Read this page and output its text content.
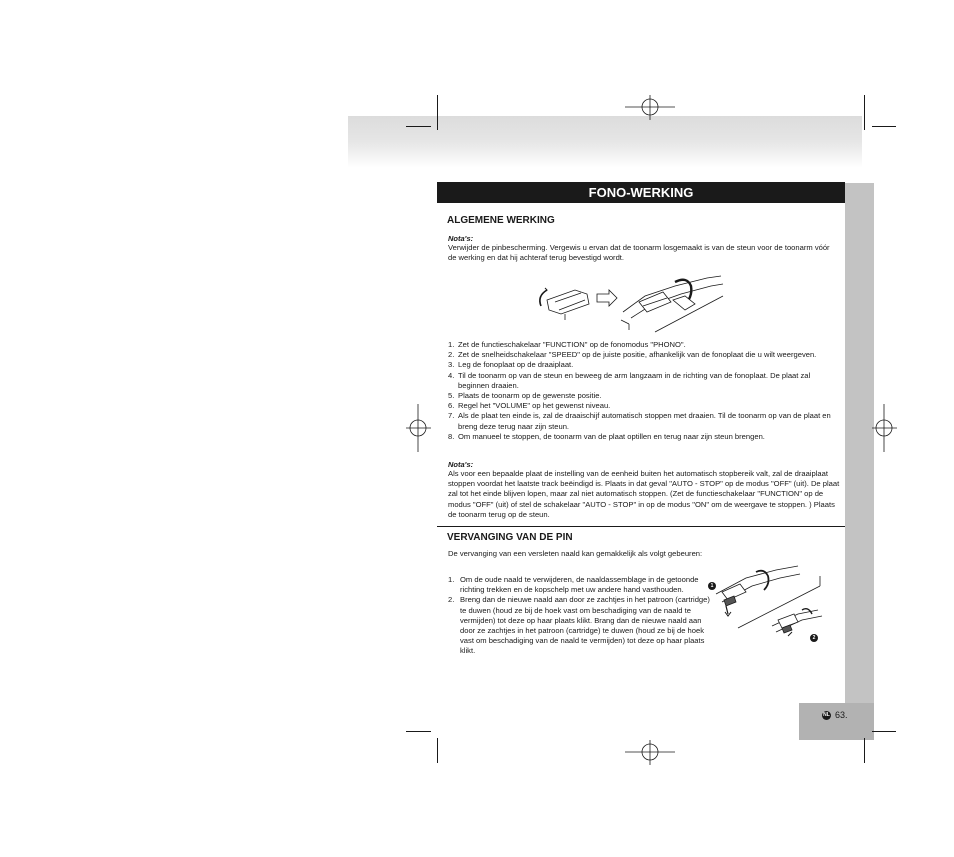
FONO-WERKING
ALGEMENE WERKING
Nota's:
Verwijder de pinbescherming. Vergewis u ervan dat de toonarm losgemaakt is van de steun voor de toonarm vóór de werking en dat hij achteraf terug bevestigd wordt.
1. Zet de functieschakelaar "FUNCTION" op de fonomodus "PHONO".
2. Zet de snelheidschakelaar "SPEED" op de juiste positie, afhankelijk van de fonoplaat die u wilt weergeven.
3. Leg de fonoplaat op de draaiplaat.
4. Til de toonarm op van de steun en beweeg de arm langzaam in de richting van de fonoplaat. De plaat zal beginnen draaien.
5. Plaats de toonarm op de gewenste positie.
6. Regel het "VOLUME" op het gewenst niveau.
7. Als de plaat ten einde is, zal de draaischijf automatisch stoppen met draaien. Til de toonarm op van de plaat en breng deze terug naar zijn steun.
8. Om manueel te stoppen, de toonarm van de plaat optillen en terug naar zijn steun brengen.
Nota's:
Als voor een bepaalde plaat de instelling van de eenheid buiten het automatisch stopbereik valt, zal de draaiplaat stoppen voordat het laatste track beëindigd is. Plaats in dat geval "AUTO - STOP" op de modus "OFF" (uit). De plaat zal tot het einde blijven lopen, maar zal niet automatisch stoppen. (Zet de functieschakelaar "FUNCTION" op de modus "OFF" (uit) of stel de schakelaar "AUTO - STOP" in op de modus "ON" om de weergave te stoppen. ) Plaats de toonarm terug op de steun.
VERVANGING VAN DE PIN
De vervanging van een versleten naald kan gemakkelijk als volgt gebeuren:
1. Om de oude naald te verwijderen, de naaldassemblage in de getoonde richting trekken en de kopschelp met uw andere hand vasthouden.
2. Breng dan de nieuwe naald aan door ze zachtjes in het patroon (cartridge) te duwen (houd ze bij de hoek vast om beschadiging van de naald te vermijden) tot deze op haar plaats klikt. Brang dan de nieuwe naald aan door ze zachtjes in het patroon (cartridge) te duwen (houd ze bij de hoek vast om beschadiging van de naald te vermijden) tot deze op haar plaats klikt.
1
2
NL 63.
